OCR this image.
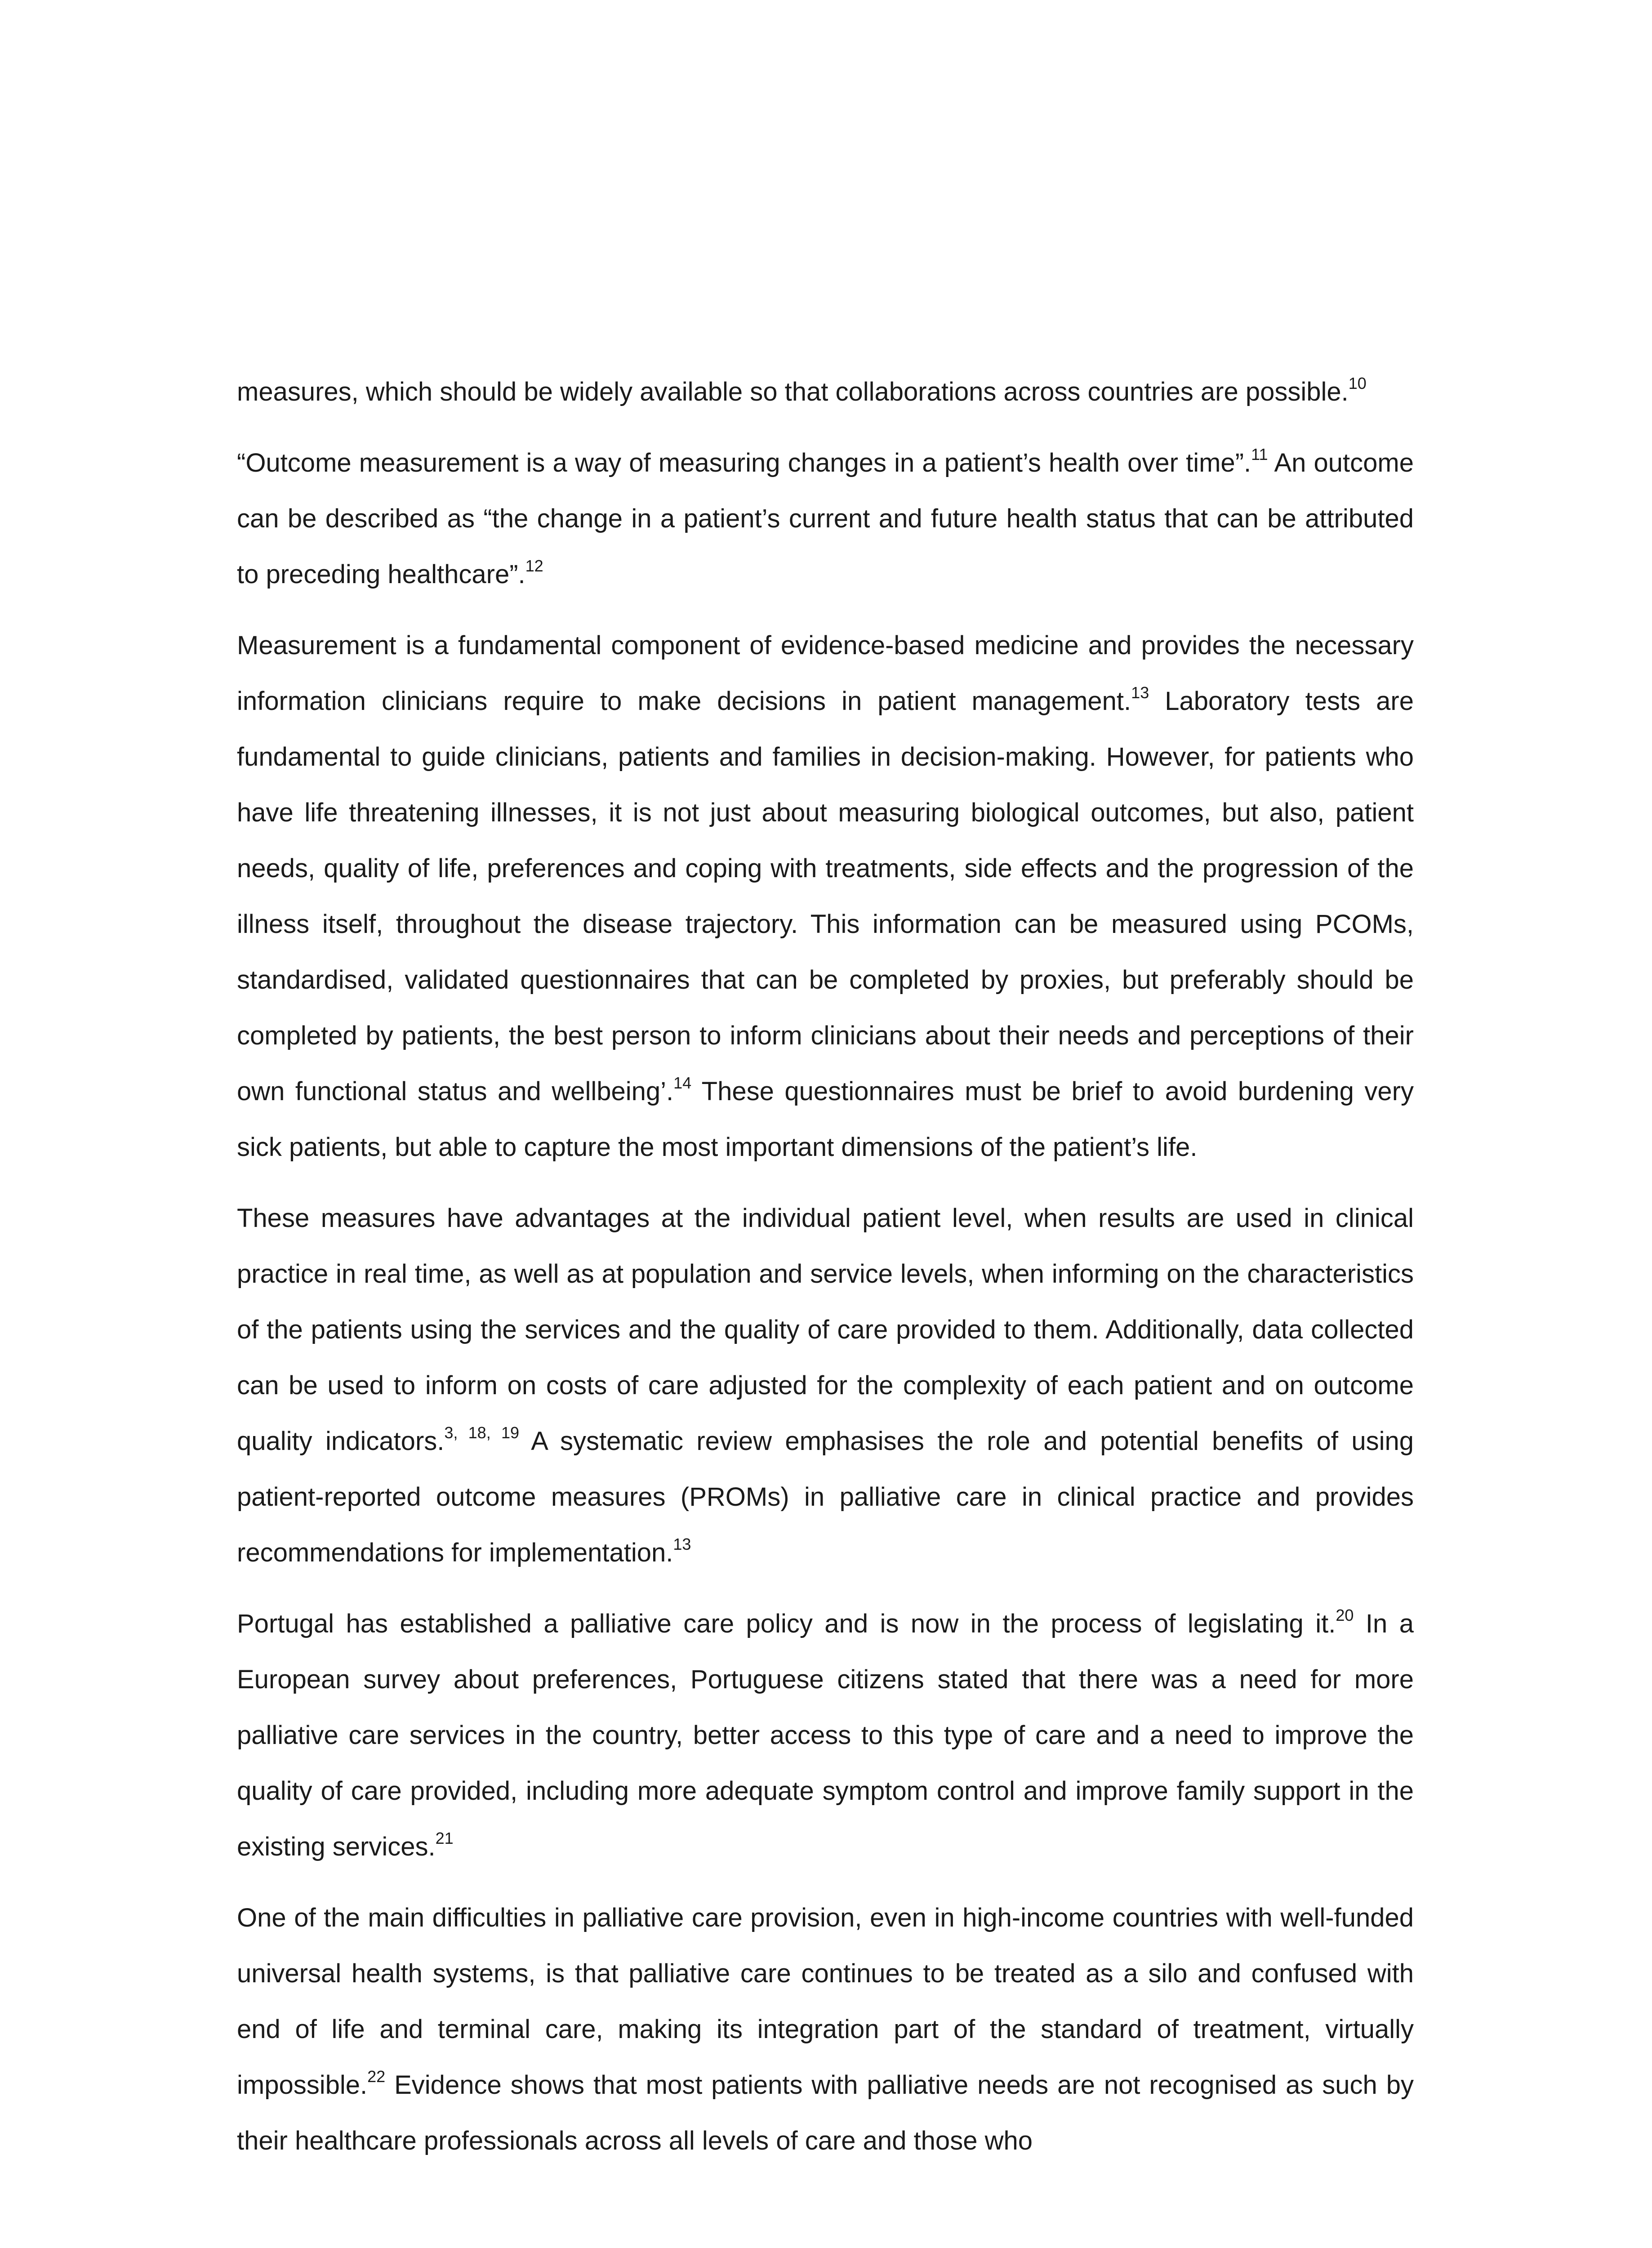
measures, which should be widely available so that collaborations across countries are possible.$^{10}$

“Outcome measurement is a way of measuring changes in a patient’s health over time”.$^{11}$ An outcome can be described as “the change in a patient’s current and future health status that can be attributed to preceding healthcare”.$^{12}$

Measurement is a fundamental component of evidence-based medicine and provides the necessary information clinicians require to make decisions in patient management.$^{13}$ Laboratory tests are fundamental to guide clinicians, patients and families in decision-making. However, for patients who have life threatening illnesses, it is not just about measuring biological outcomes, but also, patient needs, quality of life, preferences and coping with treatments, side effects and the progression of the illness itself, throughout the disease trajectory. This information can be measured using PCOMs, standardised, validated questionnaires that can be completed by proxies, but preferably should be completed by patients, the best person to inform clinicians about their needs and perceptions of their own functional status and wellbeing’.$^{14}$ These questionnaires must be brief to avoid burdening very sick patients, but able to capture the most important dimensions of the patient’s life.

These measures have advantages at the individual patient level, when results are used in clinical practice in real time, as well as at population and service levels, when informing on the characteristics of the patients using the services and the quality of care provided to them. Additionally, data collected can be used to inform on costs of care adjusted for the complexity of each patient and on outcome quality indicators.$^{3, 18, 19}$ A systematic review emphasises the role and potential benefits of using patient-reported outcome measures (PROMs) in palliative care in clinical practice and provides recommendations for implementation.$^{13}$

Portugal has established a palliative care policy and is now in the process of legislating it.$^{20}$ In a European survey about preferences, Portuguese citizens stated that there was a need for more palliative care services in the country, better access to this type of care and a need to improve the quality of care provided, including more adequate symptom control and improve family support in the existing services.$^{21}$

One of the main difficulties in palliative care provision, even in high-income countries with well-funded universal health systems, is that palliative care continues to be treated as a silo and confused with end of life and terminal care, making its integration part of the standard of treatment, virtually impossible.$^{22}$ Evidence shows that most patients with palliative needs are not recognised as such by their healthcare professionals across all levels of care and those who
